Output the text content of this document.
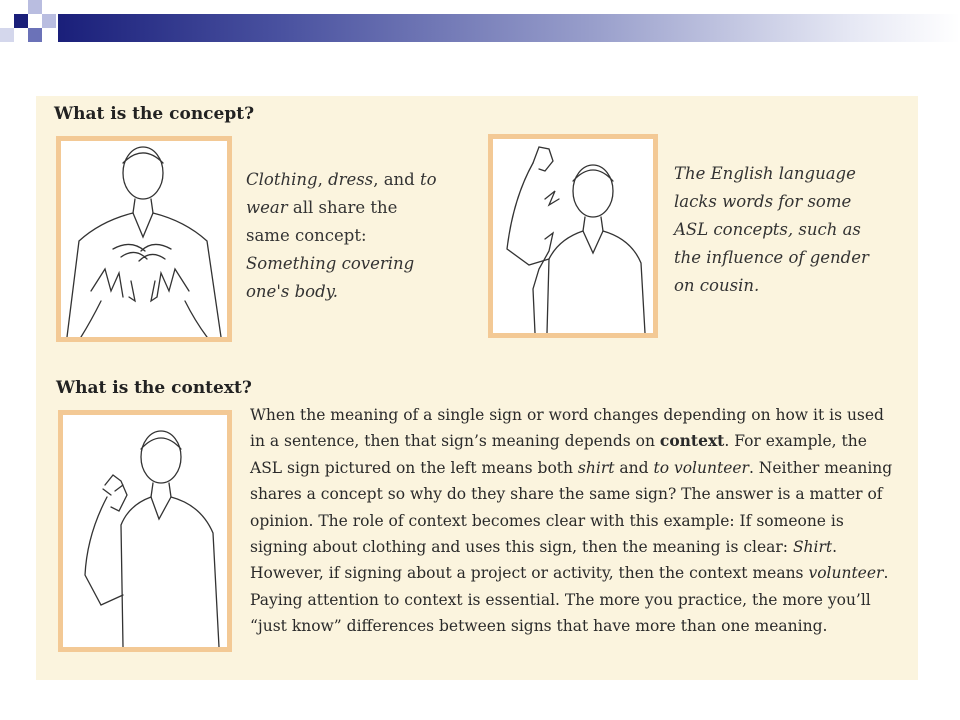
What is the concept?

Clothing, dress, and to wear all share the same concept: Something covering one's body.

The English language lacks words for some ASL concepts, such as the influence of gender on cousin.

What is the context?

When the meaning of a single sign or word changes depending on how it is used in a sentence, then that sign’s meaning depends on context. For example, the ASL sign pictured on the left means both shirt and to volunteer. Neither meaning shares a concept so why do they share the same sign? The answer is a matter of opinion. The role of context becomes clear with this example: If someone is signing about clothing and uses this sign, then the meaning is clear: Shirt. However, if signing about a project or activity, then the context means volunteer. Paying attention to context is essential. The more you practice, the more you’ll “just know” differences between signs that have more than one meaning.
